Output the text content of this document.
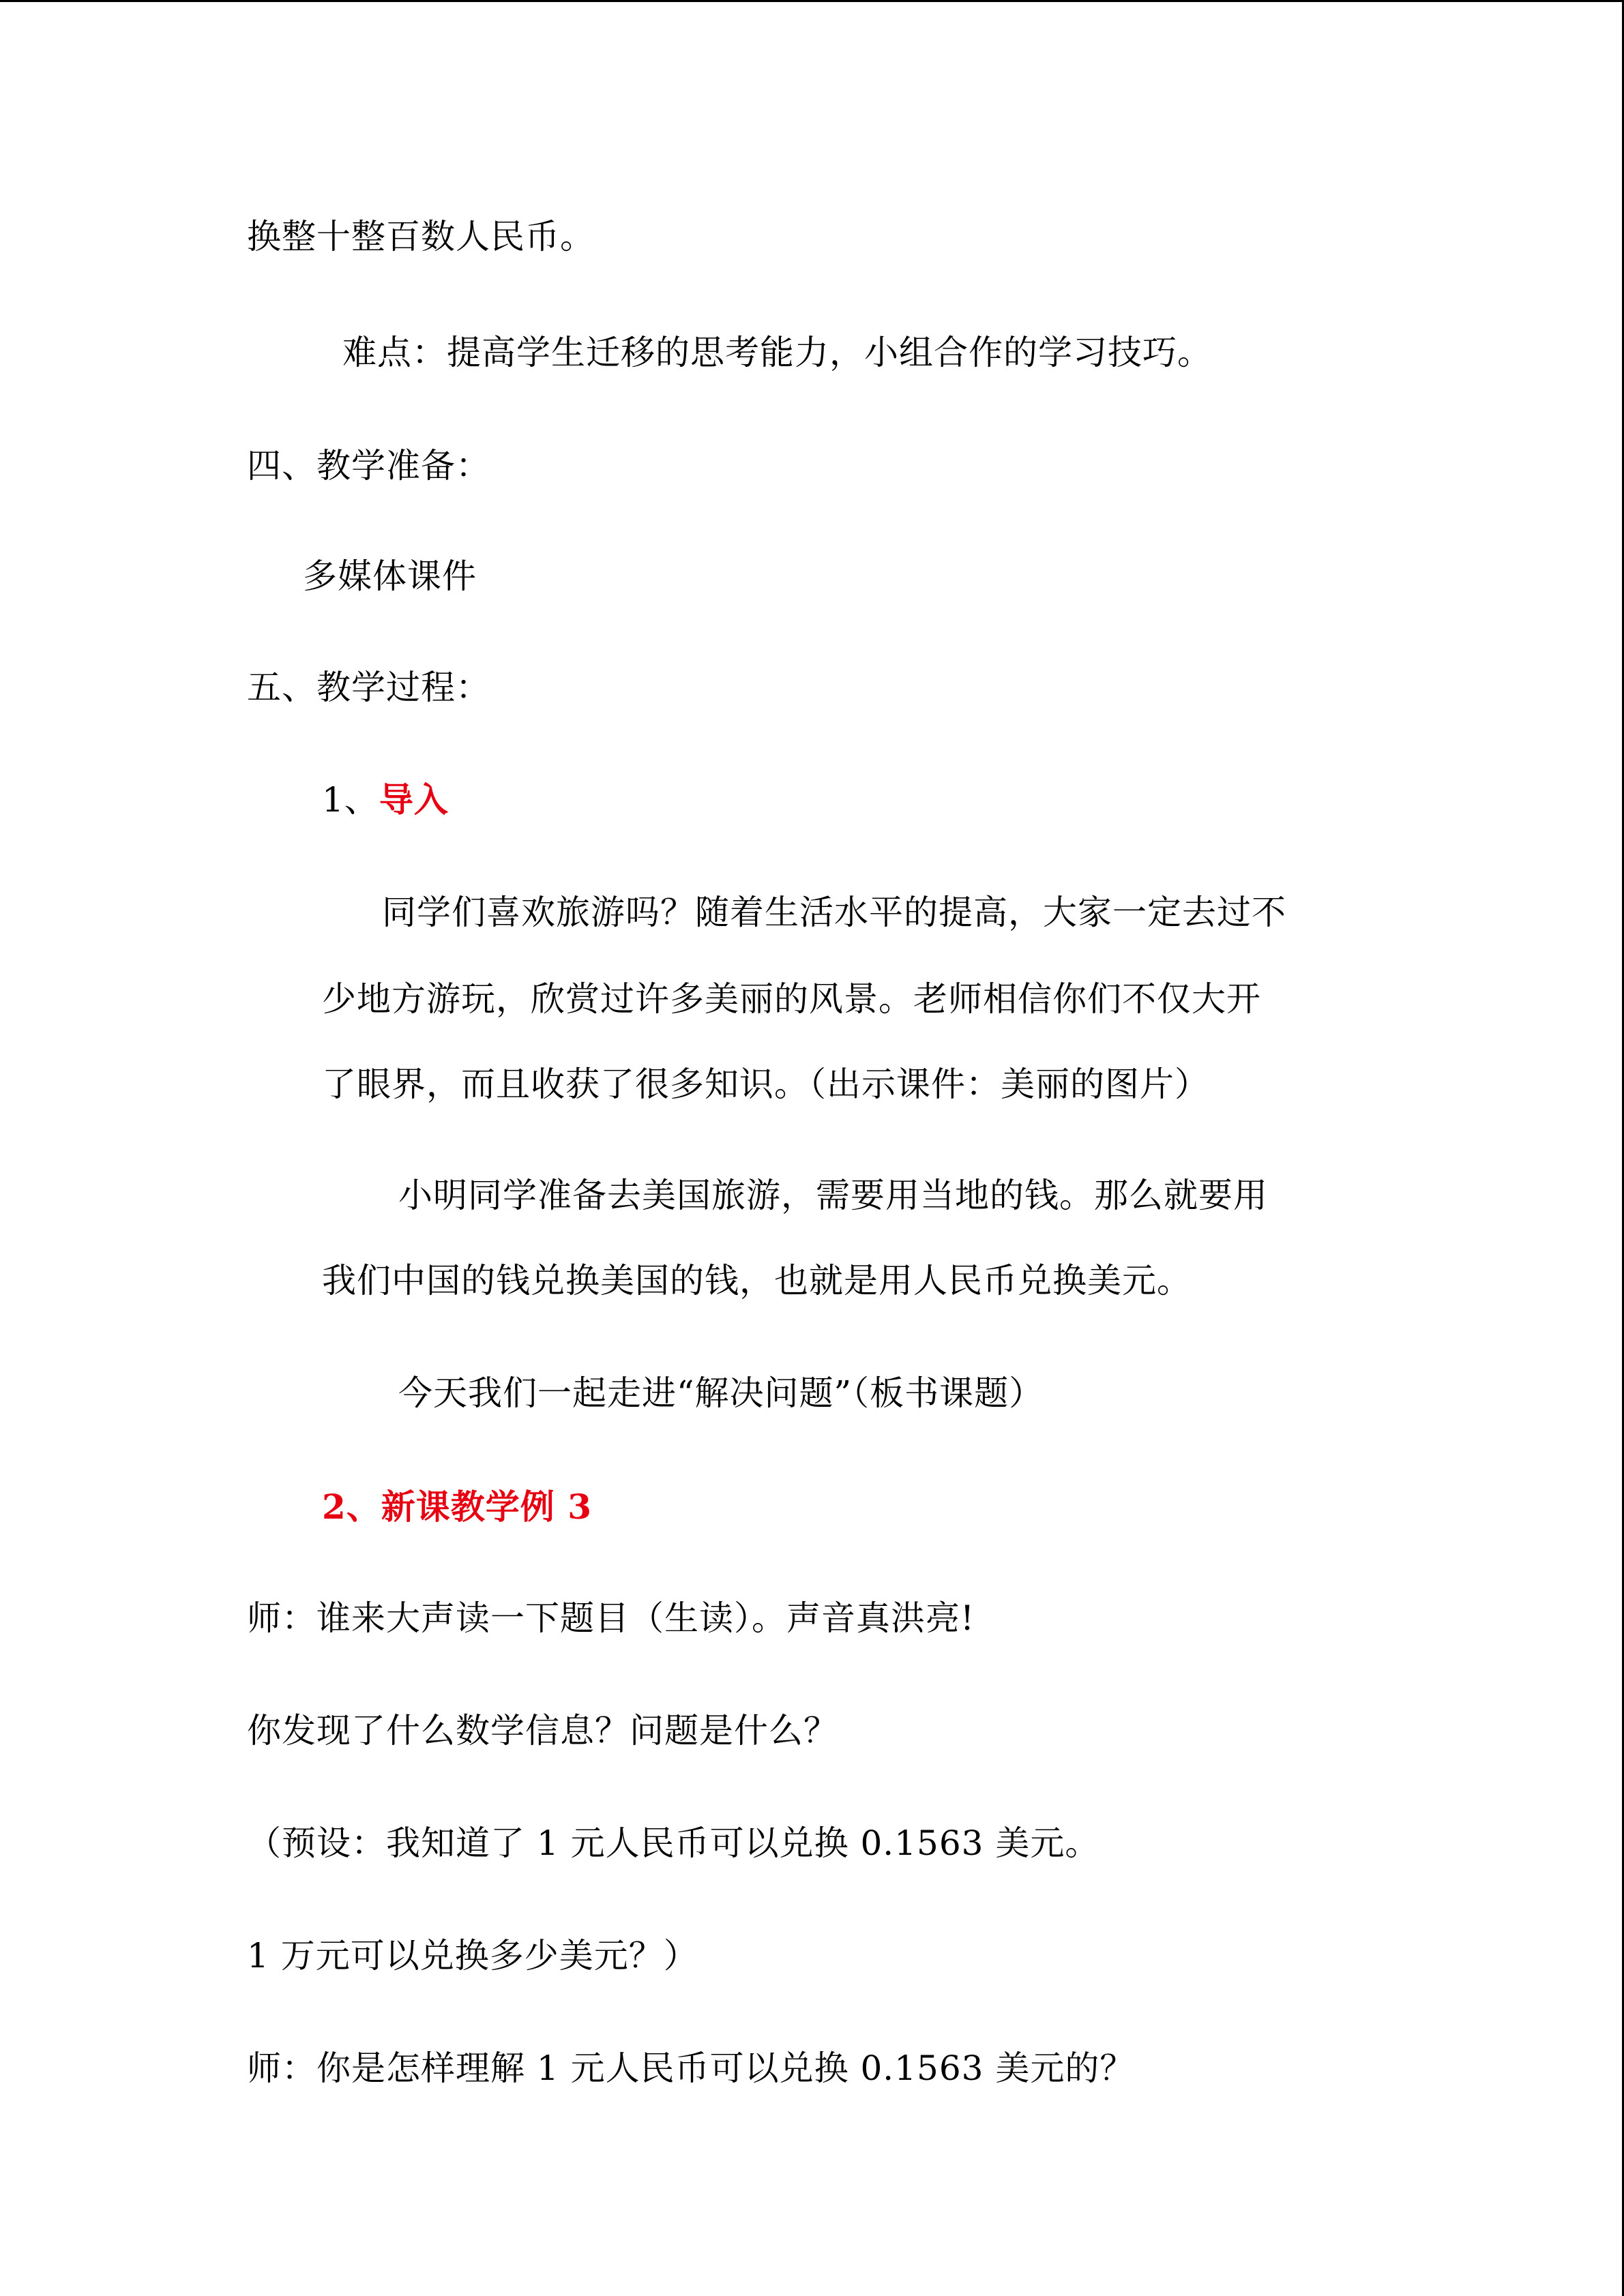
换整十整百数人民币。
难点：提高学生迁移的思考能力，小组合作的学习技巧。
四、教学准备：
多媒体课件
五、教学过程：
1、导入
同学们喜欢旅游吗？随着生活水平的提高，大家一定去过不
少地方游玩，欣赏过许多美丽的风景。老师相信你们不仅大开
了眼界，而且收获了很多知识。（出示课件：美丽的图片）
小明同学准备去美国旅游，需要用当地的钱。那么就要用
我们中国的钱兑换美国的钱，也就是用人民币兑换美元。
今天我们一起走进“解决问题”（板书课题）
2、新课教学例 3
师：谁来大声读一下题目（生读）。声音真洪亮!
你发现了什么数学信息？问题是什么？
（预设：我知道了 1 元人民币可以兑换 0.1563 美元。
1 万元可以兑换多少美元？）
师：你是怎样理解 1 元人民币可以兑换 0.1563 美元的？
